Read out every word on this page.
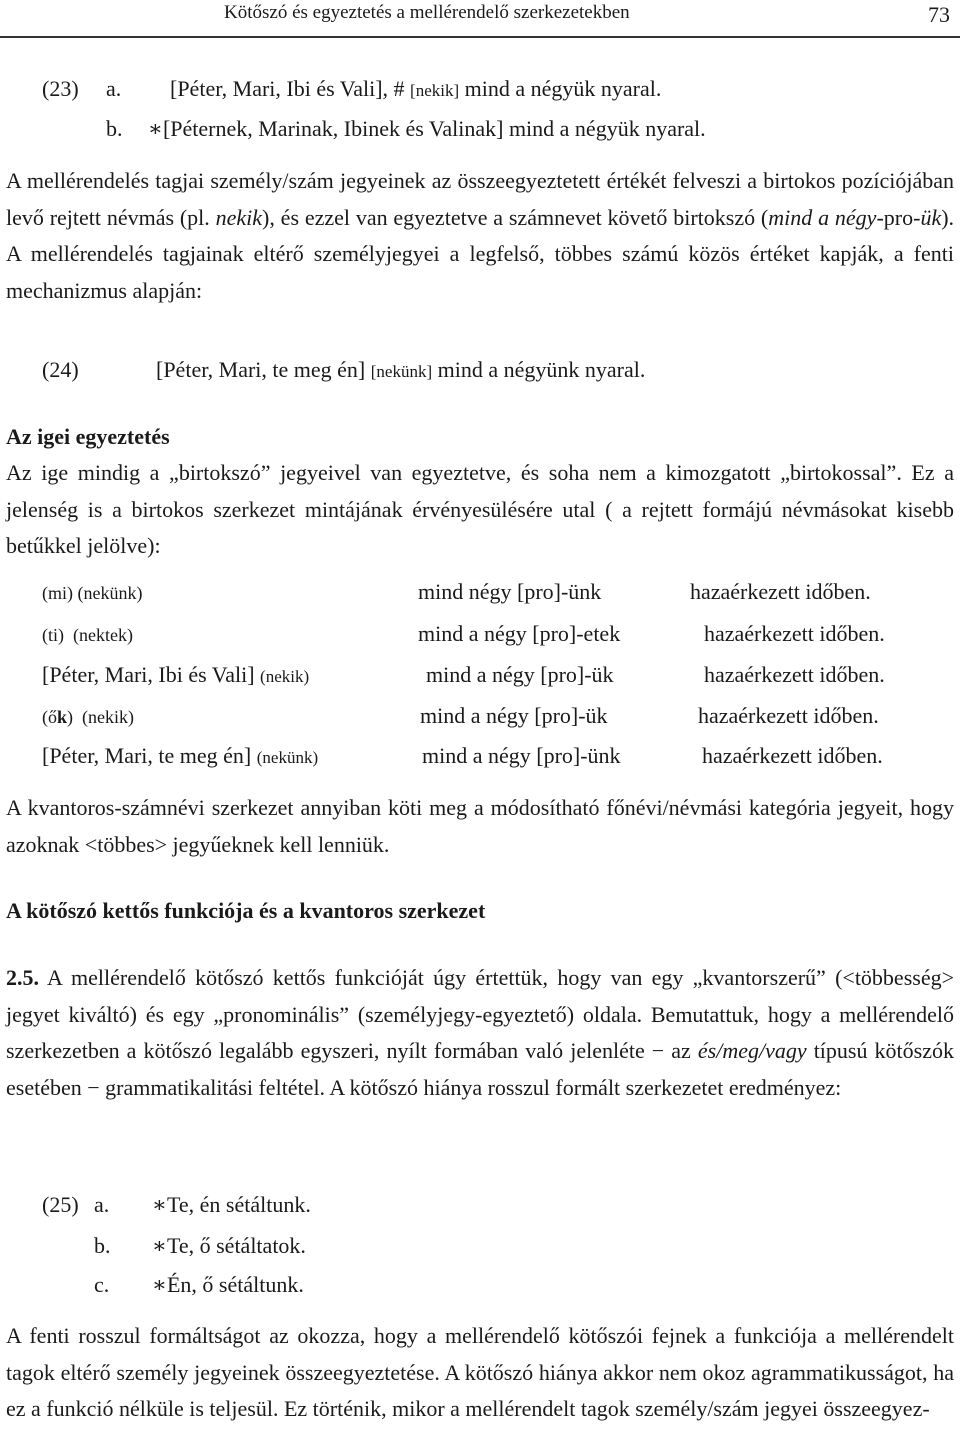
Kötőszó és egyeztetés a mellérendelő szerkezetekben	73
(23) a. [Péter, Mari, Ibi és Vali], # [nekik] mind a négyük nyaral.
b. ∗[Péternek, Marinak, Ibinek és Valinak] mind a négyük nyaral.

A mellérendelés tagjai személy/szám jegyeinek az összeegyeztetett értékét felveszi a birtokos pozíciójában levő rejtett névmás (pl. nekik), és ezzel van egyeztetve a számnevet követő birtokszó (mind a négy-pro-ük). A mellérendelés tagjainak eltérő személyjegyei a legfelső, többes számú közös értéket kapják, a fenti mechanizmus alapján:

(24)	[Péter, Mari, te meg én] [nekünk] mind a négyünk nyaral.
Az igei egyeztetés

Az ige mindig a „birtokszó” jegyeivel van egyeztetve, és soha nem a kimozgatott „birtokossal”. Ez a jelenség is a birtokos szerkezet mintájának érvényesülésére utal ( a rejtett formájú névmásokat kisebb betűkkel jelölve):

(mi) (nekünk)	mind négy [pro]-ünk	hazaérkezett időben.
(ti)  (nektek)	mind a négy [pro]-etek	hazaérkezett időben.
[Péter, Mari, Ibi és Vali] (nekik)	mind a négy [pro]-ük	hazaérkezett időben.
(ők)  (nekik)	mind a négy [pro]-ük	hazaérkezett időben.
[Péter, Mari, te meg én] (nekünk)	mind a négy [pro]-ünk	hazaérkezett időben.

A kvantoros-számnévi szerkezet annyiban köti meg a módosítható főnévi/névmási kategória jegyeit, hogy azoknak <többes> jegyűeknek kell lenniük.

A kötőszó kettős funkciója és a kvantoros szerkezet

2.5. A mellérendelő kötőszó kettős funkcióját úgy értettük, hogy van egy „kvantorszerű” (<többesség> jegyet kiváltó) és egy „pronominális” (személyjegy-egyeztető) oldala. Bemutattuk, hogy a mellérendelő szerkezetben a kötőszó legalább egyszeri, nyílt formában való jelenléte − az és/meg/vagy típusú kötőszók esetében − grammatikalitási feltétel. A kötőszó hiánya rosszul formált szerkezetet eredményez:

(25) a. ∗Te, én sétáltunk.
b. ∗Te, ő sétáltatok.
c. ∗Én, ő sétáltunk.

A fenti rosszul formáltságot az okozza, hogy a mellérendelő kötőszói fejnek a funkciója a mellérendelt tagok eltérő személy jegyeinek összeegyeztetése. A kötőszó hiánya akkor nem okoz agrammatikusságot, ha ez a funkció nélküle is teljesül. Ez történik, mikor a mellérendelt tagok személy/szám jegyei összeegyez-
